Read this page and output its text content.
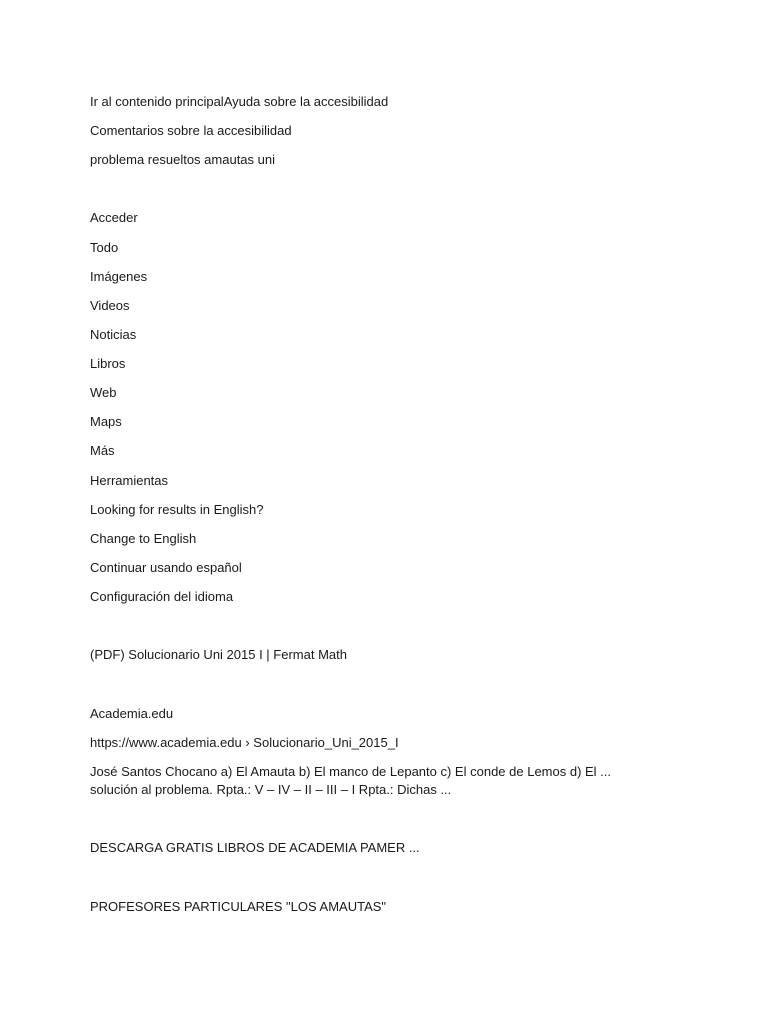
Ir al contenido principalAyuda sobre la accesibilidad
Comentarios sobre la accesibilidad
problema resueltos amautas uni
Acceder
Todo
Imágenes
Videos
Noticias
Libros
Web
Maps
Más
Herramientas
Looking for results in English?
Change to English
Continuar usando español
Configuración del idioma
(PDF) Solucionario Uni 2015 I | Fermat Math
Academia.edu
https://www.academia.edu › Solucionario_Uni_2015_I
José Santos Chocano a) El Amauta b) El manco de Lepanto c) El conde de Lemos d) El ... solución al problema. Rpta.: V – IV – II – III – I Rpta.: Dichas ...
DESCARGA GRATIS LIBROS DE ACADEMIA PAMER ...
PROFESORES PARTICULARES "LOS AMAUTAS"
